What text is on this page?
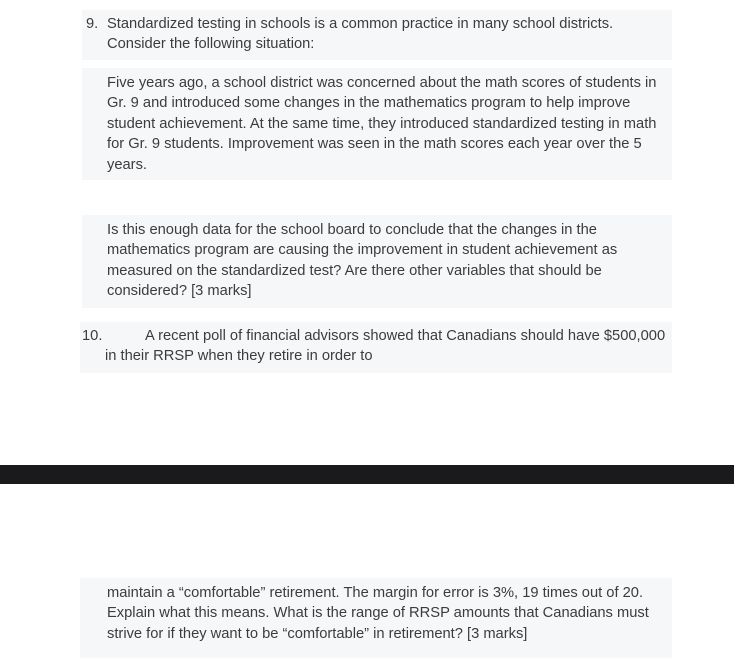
9. Standardized testing in schools is a common practice in many school districts. Consider the following situation:
Five years ago, a school district was concerned about the math scores of students in Gr. 9 and introduced some changes in the mathematics program to help improve student achievement. At the same time, they introduced standardized testing in math for Gr. 9 students. Improvement was seen in the math scores each year over the 5 years.
Is this enough data for the school board to conclude that the changes in the mathematics program are causing the improvement in student achievement as measured on the standardized test? Are there other variables that should be considered? [3 marks]
10.	A recent poll of financial advisors showed that Canadians should have $500,000 in their RRSP when they retire in order to
maintain a “comfortable” retirement. The margin for error is 3%, 19 times out of 20. Explain what this means. What is the range of RRSP amounts that Canadians must strive for if they want to be “comfortable” in retirement? [3 marks]
